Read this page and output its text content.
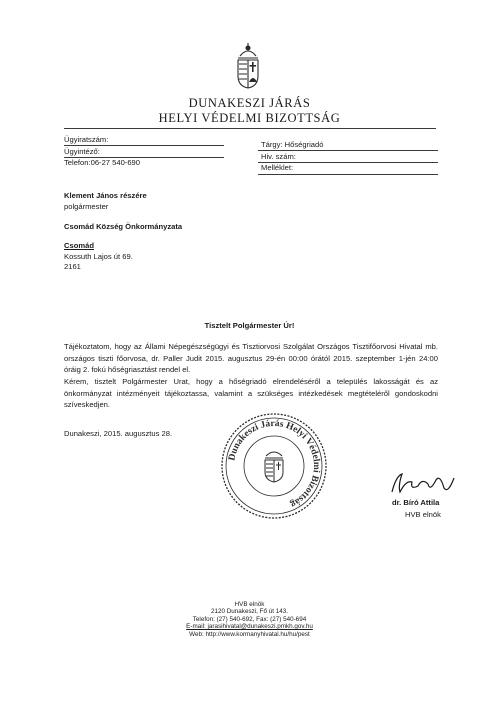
DUNAKESZI JÁRÁS
HELYI VÉDELMI BIZOTTSÁG
Ügyiratszám:
Ügyintéző:
Telefon:06-27 540-690
Tárgy: Hőségriadó
Hiv. szám:
Melléklet:
Klement János részére
polgármester
Csomád Község Önkormányzata
Csomád
Kossuth Lajos út 69.
2161
Tisztelt Polgármester Úr!
Tájékoztatom, hogy az Állami Népegészségügyi és Tisztiorvosi Szolgálat Országos Tisztifőorvosi Hivatal mb. országos tiszti főorvosa, dr. Paller Judit 2015. augusztus 29-én 00:00 órától 2015. szeptember 1-jén 24:00 óráig 2. fokú hőségriasztást rendel el.
Kérem, tisztelt Polgármester Urat, hogy a hőségriadó elrendeléséről a település lakosságát és az önkormányzat intézményeit tájékoztassa, valamint a szükséges intézkedések megtételéről gondoskodni szíveskedjen.
Dunakeszi, 2015. augusztus 28.
Dunakeszi Járás Helyi Védelmi Bizottság	dr. Bíró Attila
HVB elnök
HVB elnök
2120 Dunakeszi, Fő út 143.
Telefon: (27) 540-692, Fax: (27) 540-694
E-mail: jarasihivatal@dunakeszi.pmkh.gov.hu
Web: http://www.kormanyhivatal.hu/hu/pest
